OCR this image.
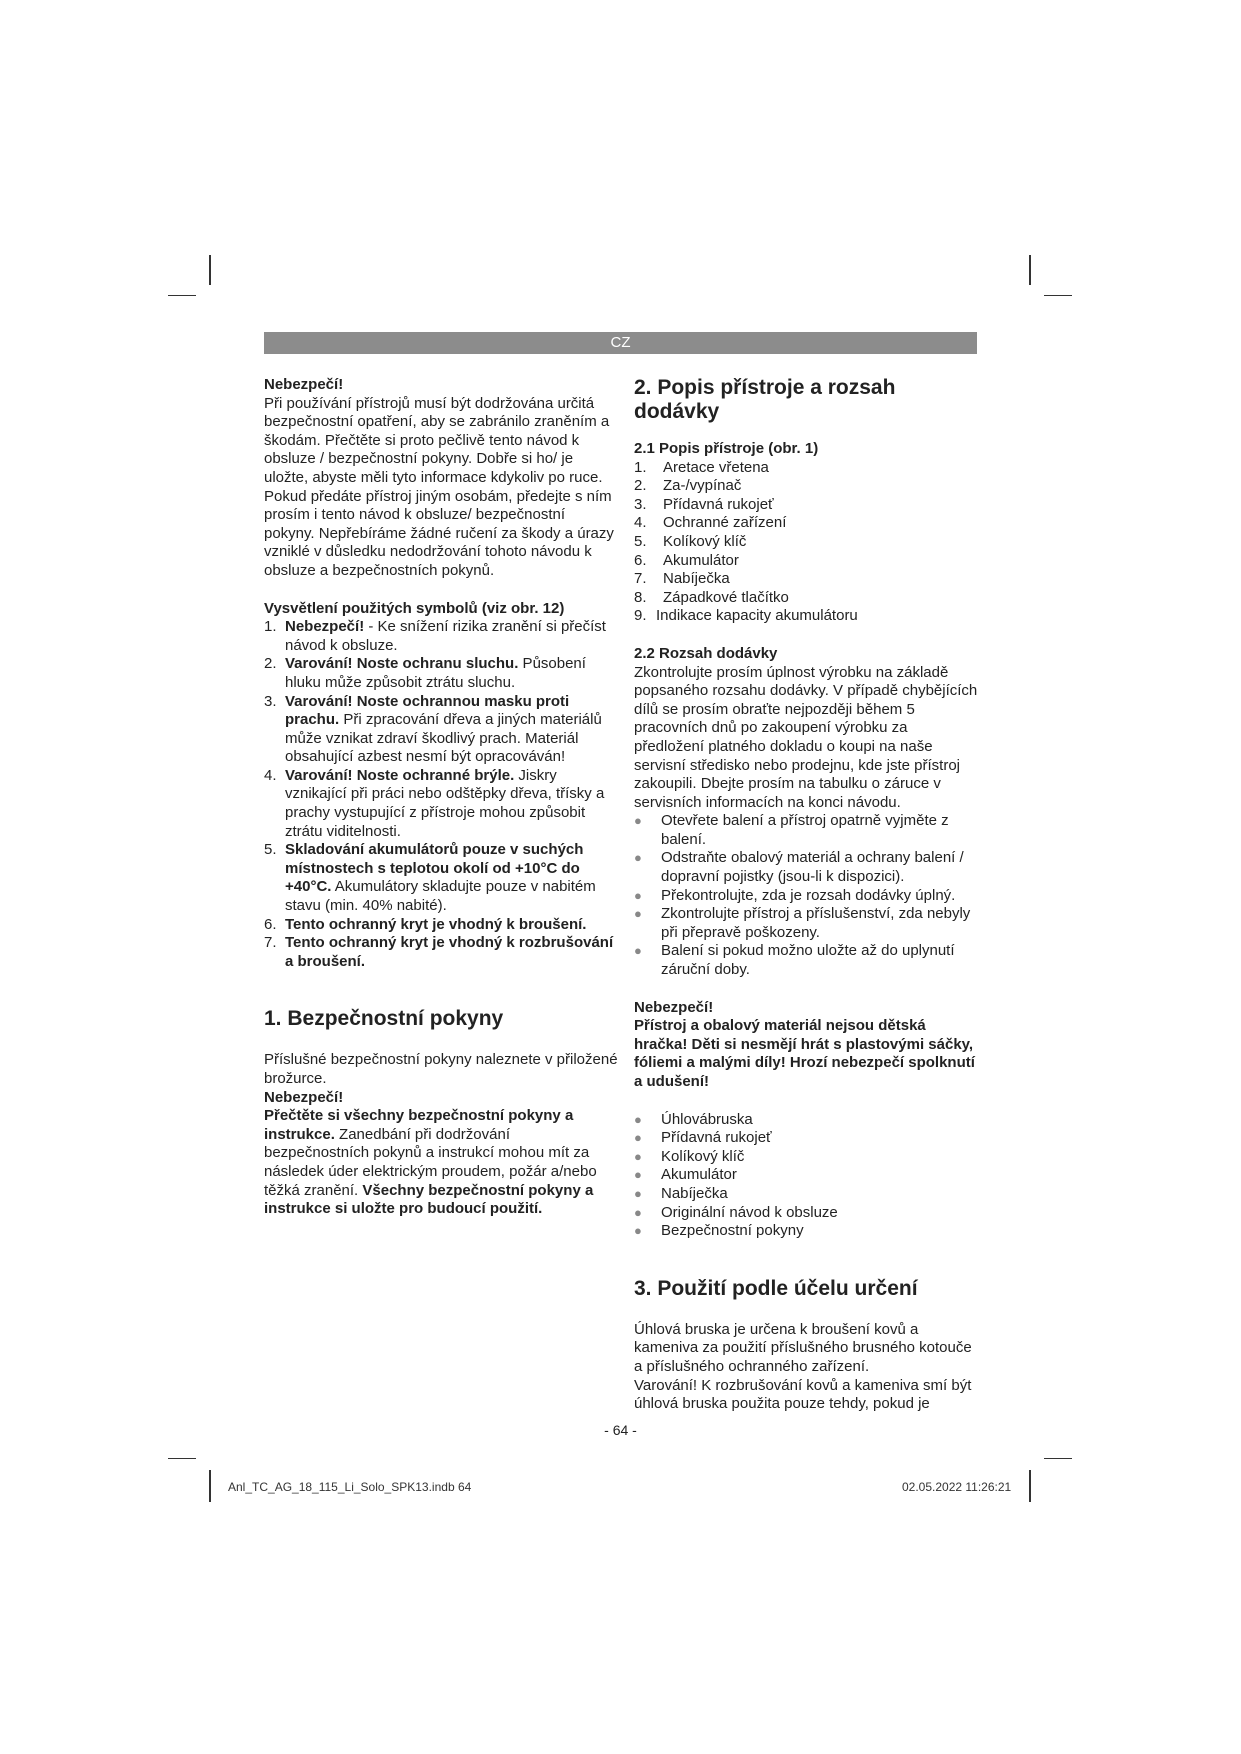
CZ

Nebezpečí!

Při používání přístrojů musí být dodržována určitá bezpečnostní opatření, aby se zabránilo zraněním a škodám. Přečtěte si proto pečlivě tento návod k obsluze / bezpečnostní pokyny. Dobře si ho/ je uložte, abyste měli tyto informace kdykoliv po ruce. Pokud předáte přístroj jiným osobám, předejte s ním prosím i tento návod k obsluze/ bezpečnostní pokyny. Nepřebíráme žádné ručení za škody a úrazy vzniklé v důsledku nedodržování tohoto návodu k obsluze a bezpečnostních pokynů.

Vysvětlení použitých symbolů (viz obr. 12)

1. Nebezpečí! - Ke snížení rizika zranění si přečíst návod k obsluze.
2. Varování! Noste ochranu sluchu. Působení hluku může způsobit ztrátu sluchu.
3. Varování! Noste ochrannou masku proti prachu. Při zpracování dřeva a jiných materiálů může vznikat zdraví škodlivý prach. Materiál obsahující azbest nesmí být opracováván!
4. Varování! Noste ochranné brýle. Jiskry vznikající při práci nebo odštěpky dřeva, třísky a prachy vystupující z přístroje mohou způsobit ztrátu viditelnosti.
5. Skladování akumulátorů pouze v suchých místnostech s teplotou okolí od +10°C do +40°C. Akumulátory skladujte pouze v nabitém stavu (min. 40% nabité).
6. Tento ochranný kryt je vhodný k broušení.
7. Tento ochranný kryt je vhodný k rozbrušování a broušení.

1. Bezpečnostní pokyny

Příslušné bezpečnostní pokyny naleznete v přiložené brožurce.

Nebezpečí!

Přečtěte si všechny bezpečnostní pokyny a instrukce. Zanedbání při dodržování bezpečnostních pokynů a instrukcí mohou mít za následek úder elektrickým proudem, požár a/nebo těžká zranění. Všechny bezpečnostní pokyny a instrukce si uložte pro budoucí použití.

2. Popis přístroje a rozsah dodávky

2.1 Popis přístroje (obr. 1)

1.	Aretace vřetena
2.	Za-/vypínač
3.	Přídavná rukojeť
4.	Ochranné zařízení
5.	Kolíkový klíč
6.	Akumulátor
7.	Nabíječka
8.	Západkové tlačítko
9. Indikace kapacity akumulátoru

2.2 Rozsah dodávky

Zkontrolujte prosím úplnost výrobku na základě popsaného rozsahu dodávky. V případě chybějících dílů se prosím obraťte nejpozději během 5 pracovních dnů po zakoupení výrobku za předložení platného dokladu o koupi na naše servisní středisko nebo prodejnu, kde jste přístroj zakoupili. Dbejte prosím na tabulku o záruce v servisních informacích na konci návodu.

●	Otevřete balení a přístroj opatrně vyjměte z balení.
●	Odstraňte obalový materiál a ochrany balení / dopravní pojistky (jsou-li k dispozici).
●	Překontrolujte, zda je rozsah dodávky úplný.
●	Zkontrolujte přístroj a příslušenství, zda nebyly při přepravě poškozeny.
●	Balení si pokud možno uložte až do uplynutí záruční doby.

Nebezpečí!

Přístroj a obalový materiál nejsou dětská hračka! Děti si nesmějí hrát s plastovými sáčky, fóliemi a malými díly! Hrozí nebezpečí spolknutí a udušení!

●	Úhlovábruska
●	Přídavná rukojeť
●	Kolíkový klíč
●	Akumulátor
●	Nabíječka
●	Originální návod k obsluze
●	Bezpečnostní pokyny

3. Použití podle účelu určení

Úhlová bruska je určena k broušení kovů a kameniva za použití příslušného brusného kotouče a příslušného ochranného zařízení.

Varování! K rozbrušování kovů a kameniva smí být úhlová bruska použita pouze tehdy, pokud je

- 64 -
Anl_TC_AG_18_115_Li_Solo_SPK13.indb 64	02.05.2022 11:26:21
